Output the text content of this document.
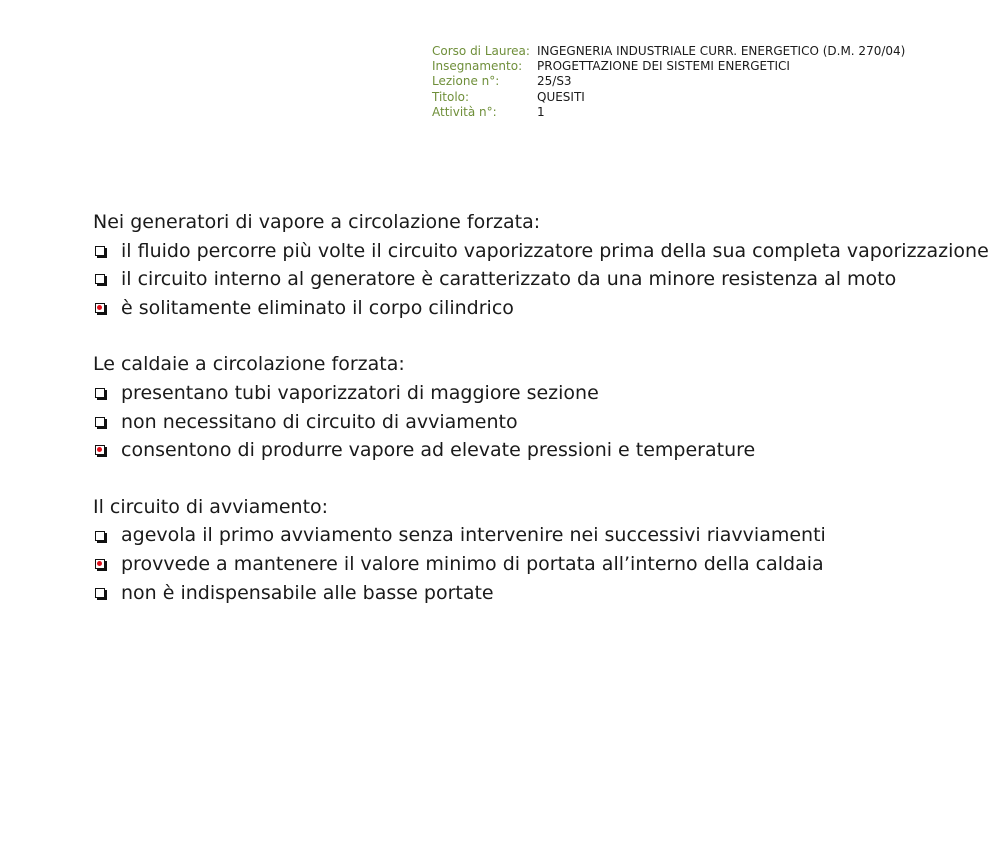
Corso di Laurea: INGEGNERIA INDUSTRIALE CURR. ENERGETICO (D.M. 270/04)
Insegnamento:	PROGETTAZIONE DEI SISTEMI ENERGETICI
Lezione n°:	25/S3
Titolo:	QUESITI
Attività n°:	1
Nei generatori di vapore a circolazione forzata:
il fluido percorre più volte il circuito vaporizzatore prima della sua completa vaporizzazione
il circuito interno al generatore è caratterizzato da una minore resistenza al moto
è solitamente eliminato il corpo cilindrico
Le caldaie a circolazione forzata:
presentano tubi vaporizzatori di maggiore sezione
non necessitano di circuito di avviamento
consentono di produrre vapore ad elevate pressioni e temperature
Il circuito di avviamento:
agevola il primo avviamento senza intervenire nei successivi riavviamenti
provvede a mantenere il valore minimo di portata all’interno della caldaia
non è indispensabile alle basse portate
